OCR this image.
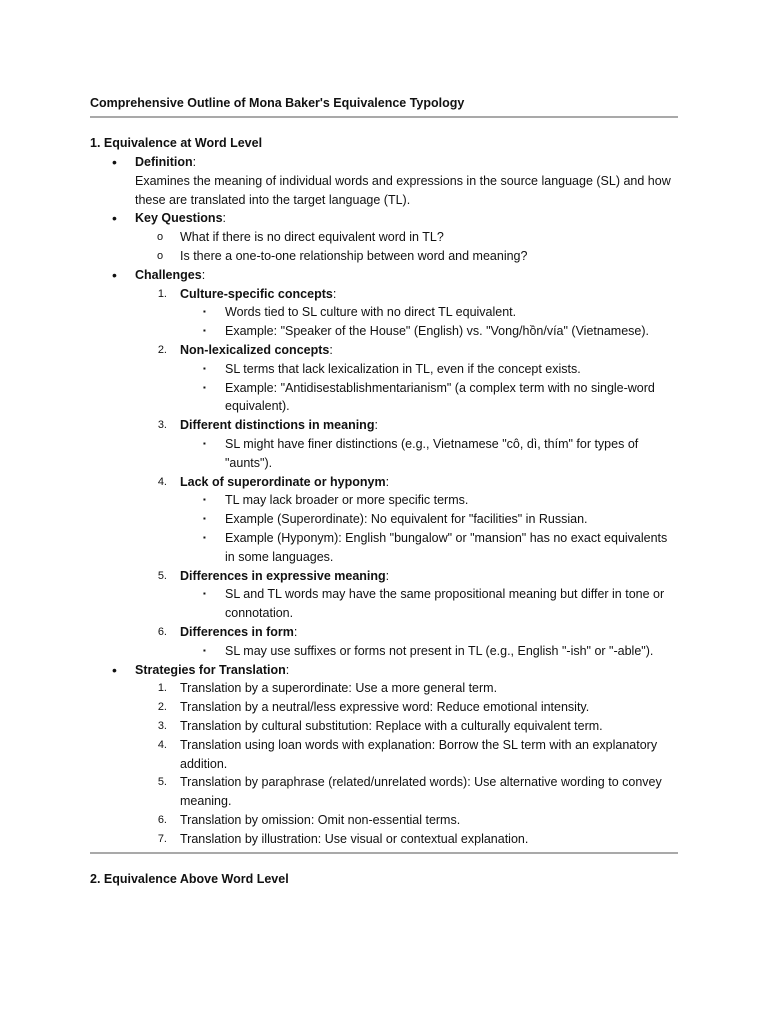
Comprehensive Outline of Mona Baker's Equivalence Typology
1. Equivalence at Word Level
• Definition:
Examines the meaning of individual words and expressions in the source language (SL) and how these are translated into the target language (TL).
• Key Questions:
o What if there is no direct equivalent word in TL?
o Is there a one-to-one relationship between word and meaning?
• Challenges:
1. Culture-specific concepts:
▪ Words tied to SL culture with no direct TL equivalent.
▪ Example: "Speaker of the House" (English) vs. "Vong/hồn/vía" (Vietnamese).
2. Non-lexicalized concepts:
▪ SL terms that lack lexicalization in TL, even if the concept exists.
▪ Example: "Antidisestablishmentarianism" (a complex term with no single-word equivalent).
3. Different distinctions in meaning:
▪ SL might have finer distinctions (e.g., Vietnamese "cô, dì, thím" for types of "aunts").
4. Lack of superordinate or hyponym:
▪ TL may lack broader or more specific terms.
▪ Example (Superordinate): No equivalent for "facilities" in Russian.
▪ Example (Hyponym): English "bungalow" or "mansion" has no exact equivalents in some languages.
5. Differences in expressive meaning:
▪ SL and TL words may have the same propositional meaning but differ in tone or connotation.
6. Differences in form:
▪ SL may use suffixes or forms not present in TL (e.g., English "-ish" or "-able").
• Strategies for Translation:
1. Translation by a superordinate: Use a more general term.
2. Translation by a neutral/less expressive word: Reduce emotional intensity.
3. Translation by cultural substitution: Replace with a culturally equivalent term.
4. Translation using loan words with explanation: Borrow the SL term with an explanatory addition.
5. Translation by paraphrase (related/unrelated words): Use alternative wording to convey meaning.
6. Translation by omission: Omit non-essential terms.
7. Translation by illustration: Use visual or contextual explanation.
2. Equivalence Above Word Level
